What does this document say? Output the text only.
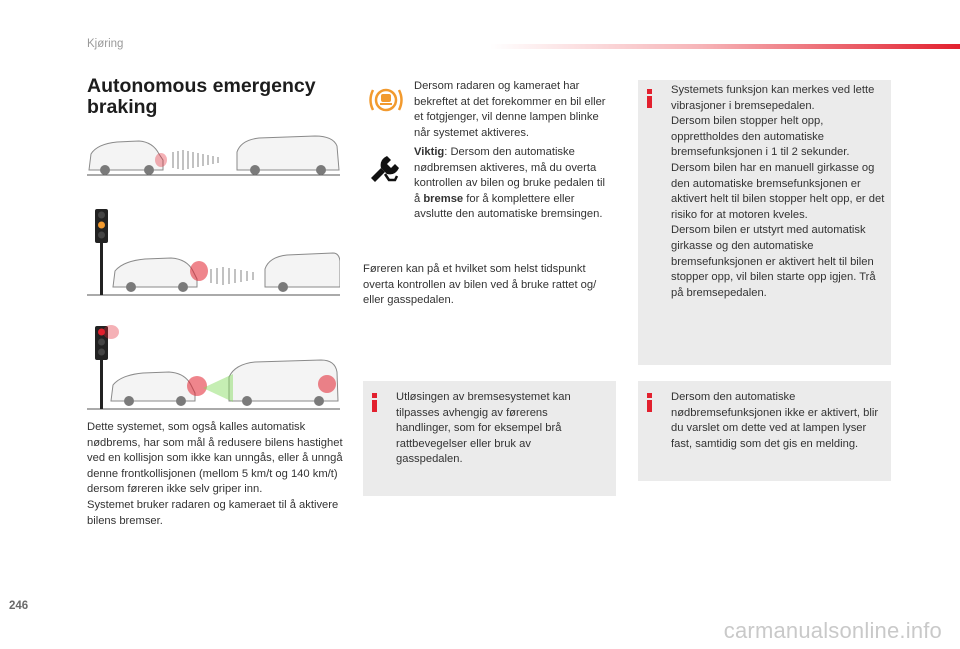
Kjøring
Autonomous emergency braking
Dette systemet, som også kalles automatisk nødbrems, har som mål å redusere bilens hastighet ved en kollisjon som ikke kan unngås, eller å unngå denne frontkollisjonen (mellom 5 km/t og 140 km/t) dersom føreren ikke selv griper inn.
Systemet bruker radaren og kameraet til å aktivere bilens bremser.
Dersom radaren og kameraet har bekreftet at det forekommer en bil eller et fotgjenger, vil denne lampen blinke når systemet aktiveres.
Viktig: Dersom den automatiske nødbremsen aktiveres, må du overta kontrollen av bilen og bruke pedalen til å bremse for å komplettere eller avslutte den automatiske bremsingen.
Føreren kan på et hvilket som helst tidspunkt overta kontrollen av bilen ved å bruke rattet og/ eller gasspedalen.
Utløsingen av bremsesystemet kan tilpasses avhengig av førerens handlinger, som for eksempel brå rattbevegelser eller bruk av gasspedalen.
Systemets funksjon kan merkes ved lette vibrasjoner i bremsepedalen.
Dersom bilen stopper helt opp, opprettholdes den automatiske bremsefunksjonen i 1 til 2 sekunder.
Dersom bilen har en manuell girkasse og den automatiske bremsefunksjonen er aktivert helt til bilen stopper helt opp, er det risiko for at motoren kveles.
Dersom bilen er utstyrt med automatisk girkasse og den automatiske bremsefunksjonen er aktivert helt til bilen stopper opp, vil bilen starte opp igjen. Trå på bremsepedalen.
Dersom den automatiske nødbremsefunksjonen ikke er aktivert, blir du varslet om dette ved at lampen lyser fast, samtidig som det gis en melding.
246
carmanualsonline.info
